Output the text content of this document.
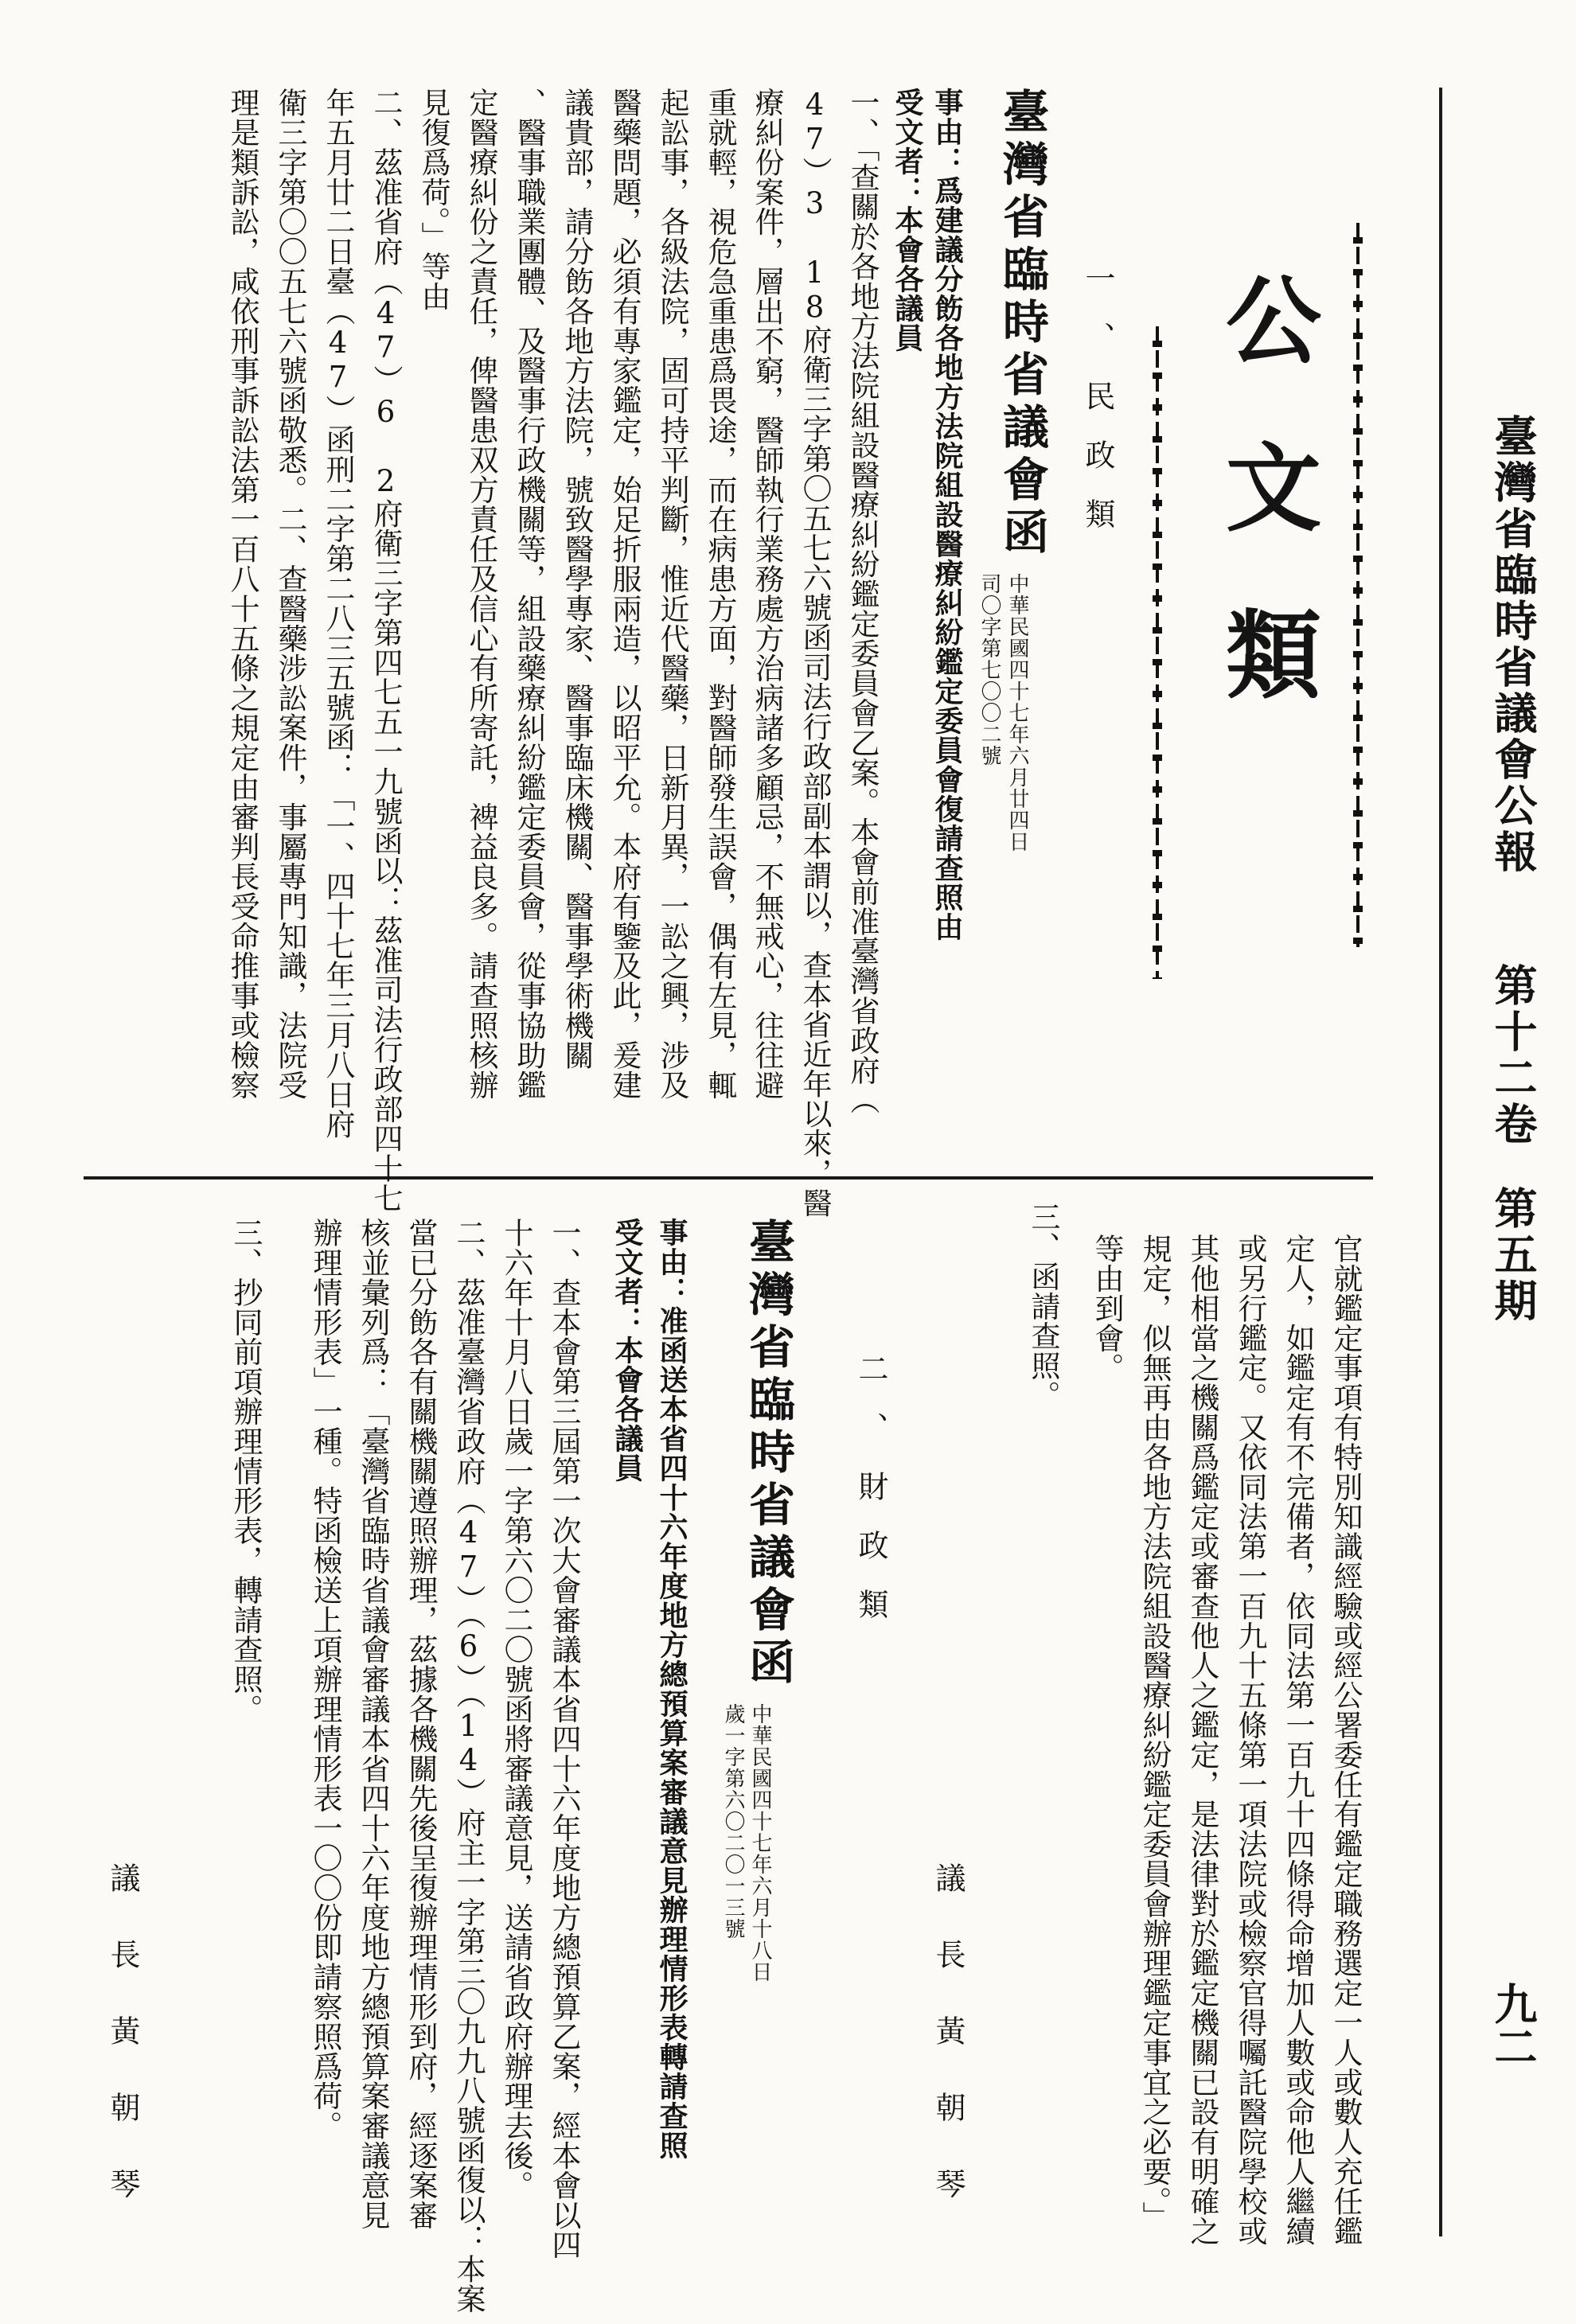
臺灣省臨時省議會公報
第十二卷
第五期
九二
公文類
一、民政類
臺灣省臨時省議會函
中華民國四十七年六月廿四日
司〇字第七〇〇二號
事由：爲建議分飭各地方法院組設醫療糾紛鑑定委員會復請查照由
受文者：本會各議員
一、「查關於各地方法院組設醫療糾紛鑑定委員會乙案。本會前准臺灣省政府（
47）3 18府衛三字第〇五七六號函司法行政部副本謂以，查本省近年以來，醫
療糾份案件，層出不窮，醫師執行業務處方治病諸多顧忌，不無戒心，往往避
重就輕，視危急重患爲畏途，而在病患方面，對醫師發生誤會，偶有左見，輒
起訟事，各級法院，固可持平判斷，惟近代醫藥，日新月異，一訟之興，涉及
醫藥問題，必須有專家鑑定，始足折服兩造，以昭平允。本府有鑒及此，爰建
議貴部，請分飭各地方法院，號致醫學專家、醫事臨床機關、醫事學術機關
、醫事職業團體、及醫事行政機關等，組設藥療糾紛鑑定委員會，從事協助鑑
定醫療糾份之責任，俾醫患双方責任及信心有所寄託，裨益良多。請查照核辦
見復爲荷。」等由
二、茲准省府（47）6 2府衛三字第四七五一九號函以：茲准司法行政部四十七
年五月廿二日臺（47）函刑二字第二八三五號函：「一、四十七年三月八日府
衛三字第〇〇五七六號函敬悉。二、查醫藥涉訟案件，事屬專門知識，法院受
理是類訴訟，咸依刑事訴訟法第一百八十五條之規定由審判長受命推事或檢察
官就鑑定事項有特別知識經驗或經公署委任有鑑定職務選定一人或數人充任鑑
定人，如鑑定有不完備者，依同法第一百九十四條得命增加人數或命他人繼續
或另行鑑定。又依同法第一百九十五條第一項法院或檢察官得囑託醫院學校或
其他相當之機關爲鑑定或審查他人之鑑定，是法律對於鑑定機關已設有明確之
規定，似無再由各地方法院組設醫療糾紛鑑定委員會辦理鑑定事宜之必要。」
等由到會。
三、函請查照。
議長黃朝琴
二、財政類
臺灣省臨時省議會函
中華民國四十七年六月十八日
歲一字第六〇二〇一三號
事由：准函送本省四十六年度地方總預算案審議意見辦理情形表轉請查照
受文者：本會各議員
一、查本會第三屆第一次大會審議本省四十六年度地方總預算乙案，經本會以四
十六年十月八日歲一字第六〇二〇號函將審議意見，送請省政府辦理去後。
二、茲准臺灣省政府（47）（6）（14）府主一字第三〇九九八號函復以：本案
當已分飭各有關機關遵照辦理，茲據各機關先後呈復辦理情形到府，經逐案審
核並彙列爲：「臺灣省臨時省議會審議本省四十六年度地方總預算案審議意見
辦理情形表」一種。特函檢送上項辦理情形表一〇〇份即請察照爲荷。
三、抄同前項辦理情形表，轉請查照。
議長黃朝琴
